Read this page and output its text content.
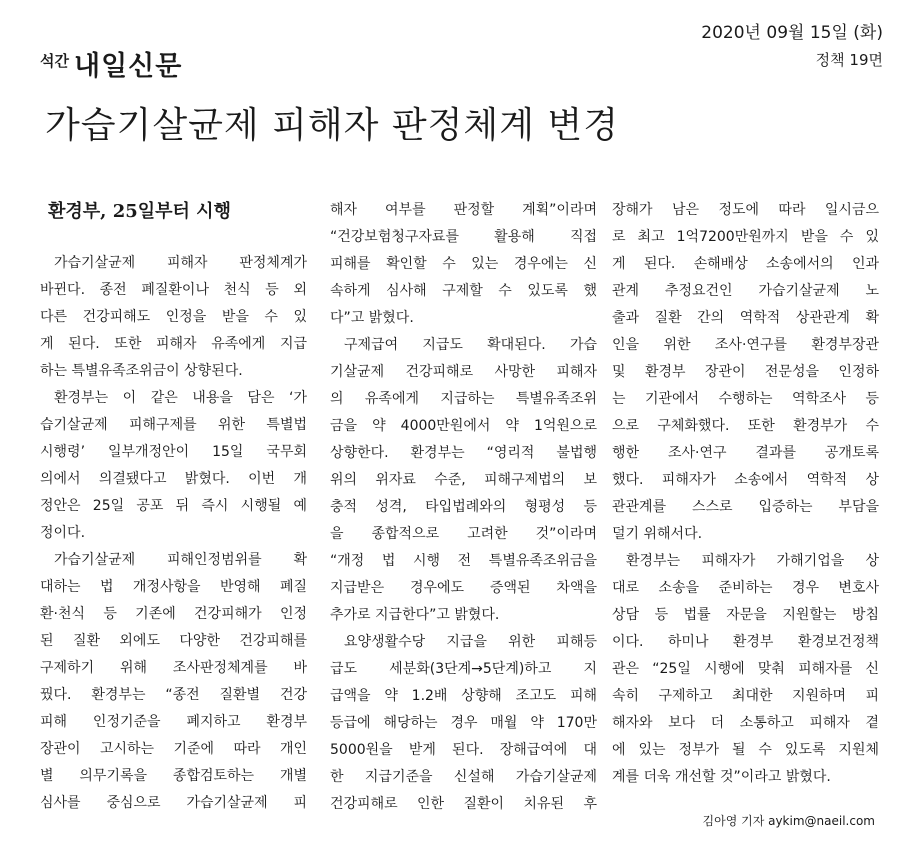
석간 내일신문
2020년 09월 15일 (화)
정책 19면
가습기살균제 피해자 판정체계 변경
환경부, 25일부터 시행
가습기살균제 피해자 판정체계가
바뀐다. 종전 폐질환이나 천식 등 외
다른 건강피해도 인정을 받을 수 있
게 된다. 또한 피해자 유족에게 지급
하는 특별유족조위금이 상향된다.
환경부는 이 같은 내용을 담은 ‘가
습기살균제 피해구제를 위한 특별법
시행령’ 일부개정안이 15일 국무회
의에서 의결됐다고 밝혔다. 이번 개
정안은 25일 공포 뒤 즉시 시행될 예
정이다.
가습기살균제 피해인정범위를 확
대하는 법 개정사항을 반영해 폐질
환·천식 등 기존에 건강피해가 인정
된 질환 외에도 다양한 건강피해를
구제하기 위해 조사판정체계를 바
꿨다. 환경부는 “종전 질환별 건강
피해 인정기준을 폐지하고 환경부
장관이 고시하는 기준에 따라 개인
별 의무기록을 종합검토하는 개별
심사를 중심으로 가습기살균제 피
해자 여부를 판정할 계획”이라며
“건강보험청구자료를 활용해 직접
피해를 확인할 수 있는 경우에는 신
속하게 심사해 구제할 수 있도록 했
다”고 밝혔다.
구제급여 지급도 확대된다. 가습
기살균제 건강피해로 사망한 피해자
의 유족에게 지급하는 특별유족조위
금을 약 4000만원에서 약 1억원으로
상향한다. 환경부는 “영리적 불법행
위의 위자료 수준, 피해구제법의 보
충적 성격, 타입법례와의 형평성 등
을 종합적으로 고려한 것”이라며
“개정 법 시행 전 특별유족조위금을
지급받은 경우에도 증액된 차액을
추가로 지급한다”고 밝혔다.
요양생활수당 지급을 위한 피해등
급도 세분화(3단계→5단계)하고 지
급액을 약 1.2배 상향해 조고도 피해
등급에 해당하는 경우 매월 약 170만
5000원을 받게 된다. 장해급여에 대
한 지급기준을 신설해 가습기살균제
건강피해로 인한 질환이 치유된 후
장해가 남은 정도에 따라 일시금으
로 최고 1억7200만원까지 받을 수 있
게 된다. 손해배상 소송에서의 인과
관계 추정요건인 가습기살균제 노
출과 질환 간의 역학적 상관관계 확
인을 위한 조사·연구를 환경부장관
및 환경부 장관이 전문성을 인정하
는 기관에서 수행하는 역학조사 등
으로 구체화했다. 또한 환경부가 수
행한 조사·연구 결과를 공개토록
했다. 피해자가 소송에서 역학적 상
관관계를 스스로 입증하는 부담을
덜기 위해서다.
환경부는 피해자가 가해기업을 상
대로 소송을 준비하는 경우 변호사
상담 등 법률 자문을 지원할는 방침
이다. 하미나 환경부 환경보건정책
관은 “25일 시행에 맞춰 피해자를 신
속히 구제하고 최대한 지원하며 피
해자와 보다 더 소통하고 피해자 곁
에 있는 정부가 될 수 있도록 지원체
계를 더욱 개선할 것”이라고 밝혔다.
김아영 기자 aykim@naeil.com
